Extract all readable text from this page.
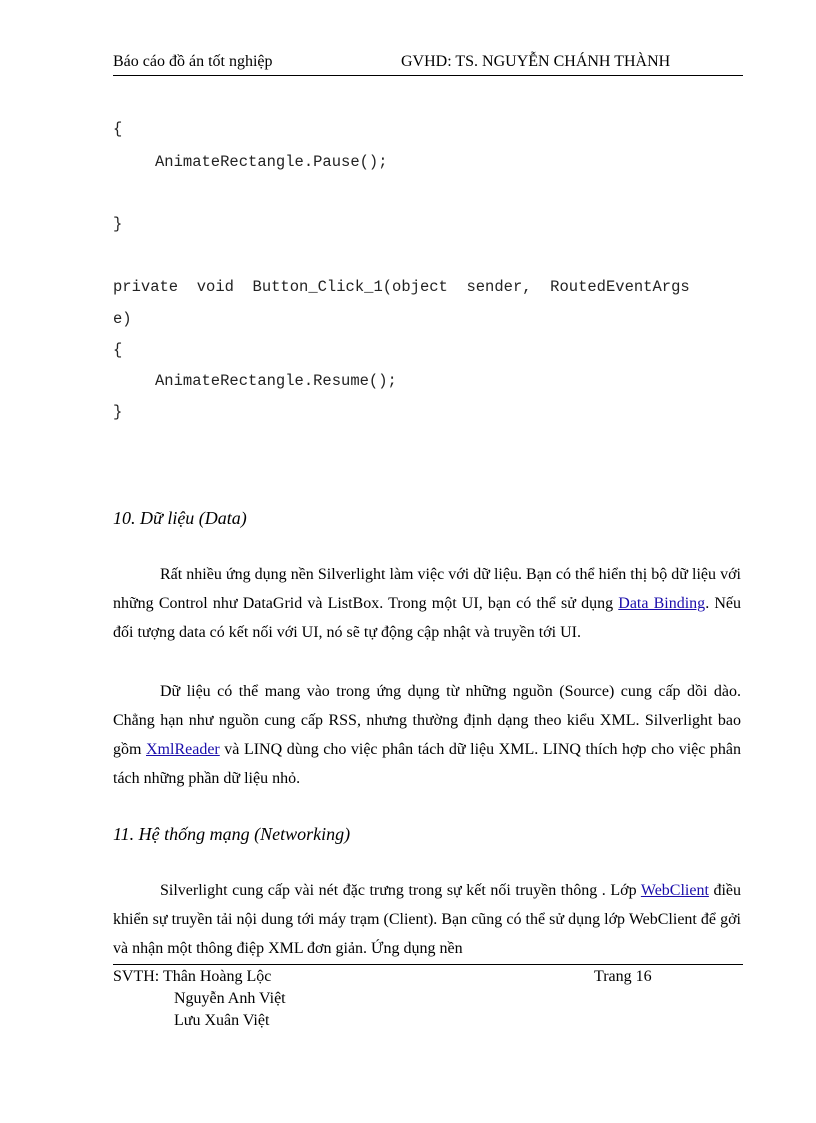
Báo cáo đồ án tốt nghiệp	GVHD: TS. NGUYỄN CHÁNH THÀNH
{
AnimateRectangle.Pause();
}
private  void  Button_Click_1(object  sender,  RoutedEventArgs
e)
{
AnimateRectangle.Resume();
}
10. Dữ liệu (Data)
Rất nhiều ứng dụng nền Silverlight làm việc với dữ liệu. Bạn có thể hiển thị bộ dữ liệu với những Control như DataGrid và ListBox. Trong một UI, bạn có thể sử dụng Data Binding. Nếu đối tượng data có kết nối với UI, nó sẽ tự động cập nhật và truyền tới UI.
Dữ liệu có thể mang vào trong ứng dụng từ những nguồn (Source) cung cấp dồi dào. Chẳng hạn như nguồn cung cấp RSS, nhưng thường định dạng theo kiểu XML. Silverlight bao gồm XmlReader và LINQ dùng cho việc phân tách dữ liệu XML. LINQ thích hợp cho việc phân tách những phần dữ liệu nhỏ.
11. Hệ thống mạng (Networking)
Silverlight cung cấp vài nét đặc trưng trong sự kết nối truyền thông . Lớp WebClient điều khiển sự truyền tải nội dung tới máy trạm (Client). Bạn cũng có thể sử dụng lớp WebClient để gởi và nhận một thông điệp XML đơn giản. Ứng dụng nền
SVTH: Thân Hoàng Lộc	Trang 16
Nguyễn Anh Việt
Lưu Xuân Việt
